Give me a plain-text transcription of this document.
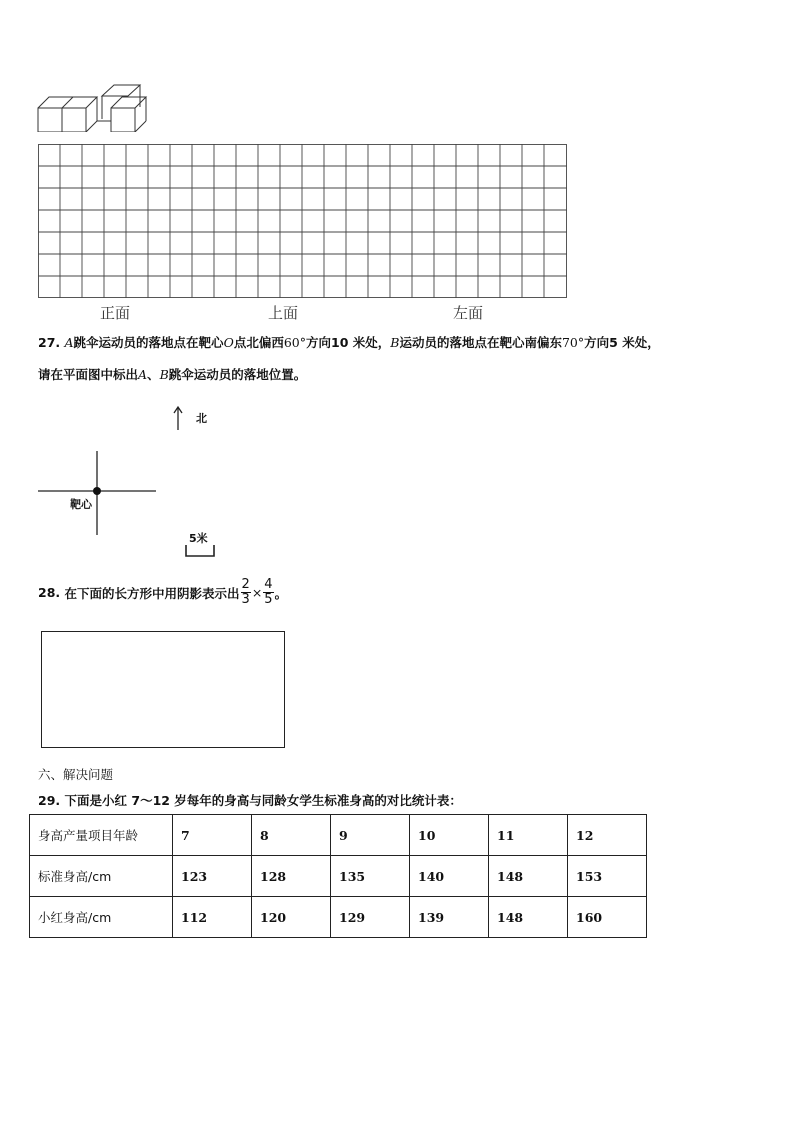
正面	上面	左面
27. A跳伞运动员的落地点在靶心O点北偏西60°方向10 米处，B运动员的落地点在靶心南偏东70°方向5 米处，
请在平面图中标出A、B跳伞运动员的落地位置。
北
靶心
5米
28.
在下面的长方形中用阴影表示出 $\frac{2}{3} \times \frac{4}{5}$ 。
六、解决问题
29. 下面是小红 7～12 岁每年的身高与同龄女学生标准身高的对比统计表：
身高产量项目年龄	7	8	9	10	11	12
标准身高/cm	123	128	135	140	148	153
小红身高/cm	112	120	129	139	148	160
